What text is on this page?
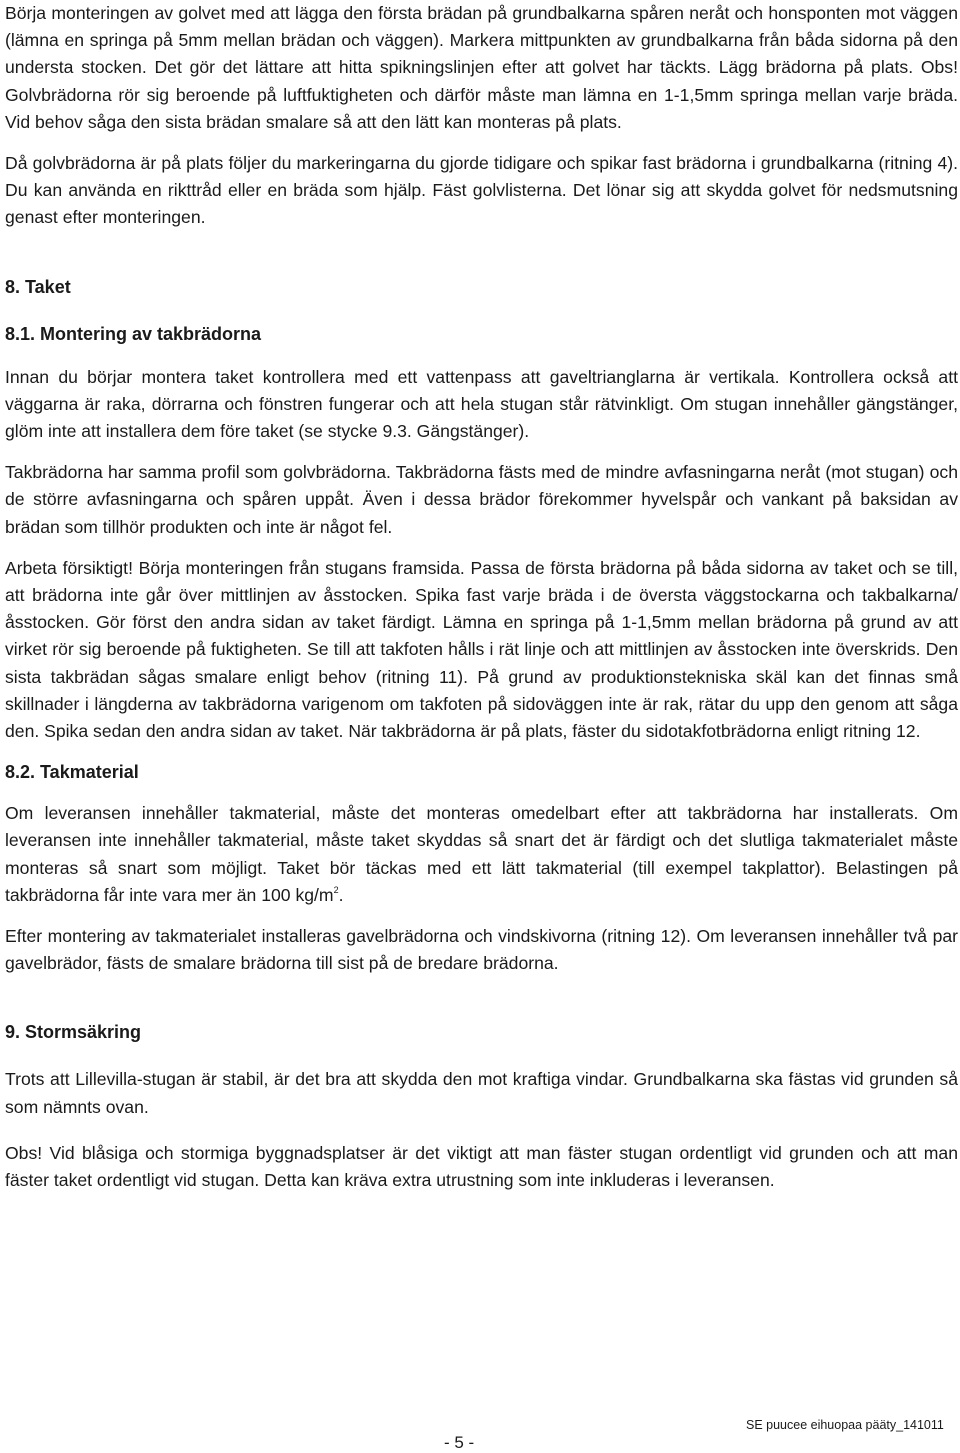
Börja monteringen av golvet med att lägga den första brädan på grundbalkarna spåren neråt och honsponten mot väggen (lämna en springa på 5mm mellan brädan och väggen). Markera mittpunkten av grundbalkarna från båda sidorna på den understa stocken. Det gör det lättare att hitta spikningslinjen efter att golvet har täckts. Lägg brädorna på plats. Obs! Golvbrädorna rör sig beroende på luftfuktigheten och därför måste man lämna en 1-1,5mm springa mellan varje bräda. Vid behov såga den sista brädan smalare så att den lätt kan monteras på plats.

Då golvbrädorna är på plats följer du markeringarna du gjorde tidigare och spikar fast brädorna i grundbalkarna (ritning 4). Du kan använda en rikttråd eller en bräda som hjälp. Fäst golvlisterna. Det lönar sig att skydda golvet för nedsmutsning genast efter monteringen.

8. Taket
8.1. Montering av takbrädorna

Innan du börjar montera taket kontrollera med ett vattenpass att gaveltrianglarna är vertikala. Kontrollera också att väggarna är raka, dörrarna och fönstren fungerar och att hela stugan står rätvinkligt. Om stugan innehåller gängstänger, glöm inte att installera dem före taket (se stycke 9.3. Gängstänger).

Takbrädorna har samma profil som golvbrädorna. Takbrädorna fästs med de mindre avfasningarna neråt (mot stugan) och de större avfasningarna och spåren uppåt. Även i dessa brädor förekommer hyvelspår och vankant på baksidan av brädan som tillhör produkten och inte är något fel.

Arbeta försiktigt! Börja monteringen från stugans framsida. Passa de första brädorna på båda sidorna av taket och se till, att brädorna inte går över mittlinjen av åsstocken. Spika fast varje bräda i de översta väggstockarna och takbalkarna/åsstocken. Gör först den andra sidan av taket färdigt. Lämna en springa på 1-1,5mm mellan brädorna på grund av att virket rör sig beroende på fuktigheten. Se till att takfoten hålls i rät linje och att mittlinjen av åsstocken inte överskrids. Den sista takbrädan sågas smalare enligt behov (ritning 11). På grund av produktionstekniska skäl kan det finnas små skillnader i längderna av takbrädorna varigenom om takfoten på sidoväggen inte är rak, rätar du upp den genom att såga den. Spika sedan den andra sidan av taket. När takbrädorna är på plats, fäster du sidotakfotbrädorna enligt ritning 12.

8.2. Takmaterial

Om leveransen innehåller takmaterial, måste det monteras omedelbart efter att takbrädorna har installerats. Om leveransen inte innehåller takmaterial, måste taket skyddas så snart det är färdigt och det slutliga takmaterialet måste monteras så snart som möjligt. Taket bör täckas med ett lätt takmaterial (till exempel takplattor). Belastingen på takbrädorna får inte vara mer än 100 $kg/m^2$.

Efter montering av takmaterialet installeras gavelbrädorna och vindskivorna (ritning 12). Om leveransen innehåller två par gavelbrädor, fästs de smalare brädorna till sist på de bredare brädorna.

9. Stormsäkring

Trots att Lillevilla-stugan är stabil, är det bra att skydda den mot kraftiga vindar. Grundbalkarna ska fästas vid grunden så som nämnts ovan.

Obs! Vid blåsiga och stormiga byggnadsplatser är det viktigt att man fäster stugan ordentligt vid grunden och att man fäster taket ordentligt vid stugan. Detta kan kräva extra utrustning som inte inkluderas i leveransen.

SE puucee eihuopaa pääty_141011
- 5 -
